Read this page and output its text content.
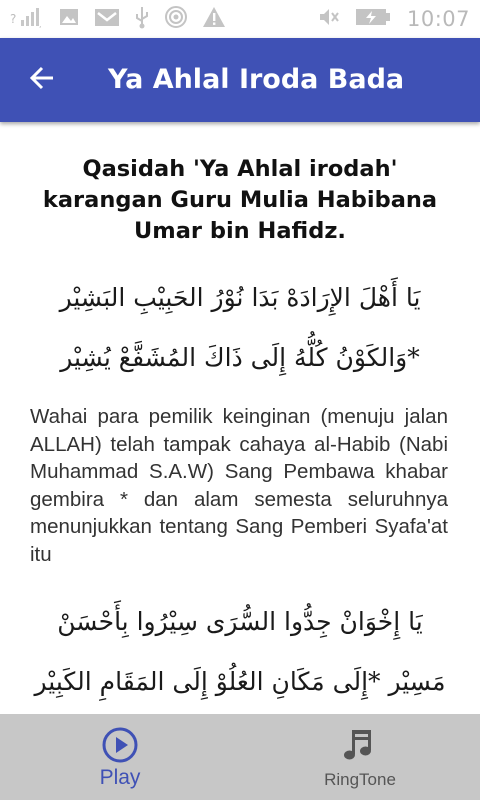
?	,	10:07
Ya Ahlal Iroda Bada
Qasidah 'Ya Ahlal irodah' karangan Guru Mulia Habibana Umar bin Hafidz.
يَا أَهْلَ الإِرَادَهْ بَدَا نُوْرُ الحَبِيْبِ البَشِيْر *وَالكَوْنُ كُلُّهُ إِلَى ذَاكَ المُشَفَّعْ يُشِيْر
Wahai para pemilik keinginan (menuju jalan ALLAH) telah tampak cahaya al-Habib (Nabi Muhammad S.A.W) Sang Pembawa khabar gembira * dan alam semesta seluruhnya menunjukkan tentang Sang Pemberi Syafa'at itu
يَا إِخْوَانْ جِدُّوا السُّرَى سِيْرُوا بِأَحْسَنْ مَسِيْر *إِلَى مَكَانِ العُلُوْ إِلَى المَقَامِ الكَبِيْر
Play	RingTone
